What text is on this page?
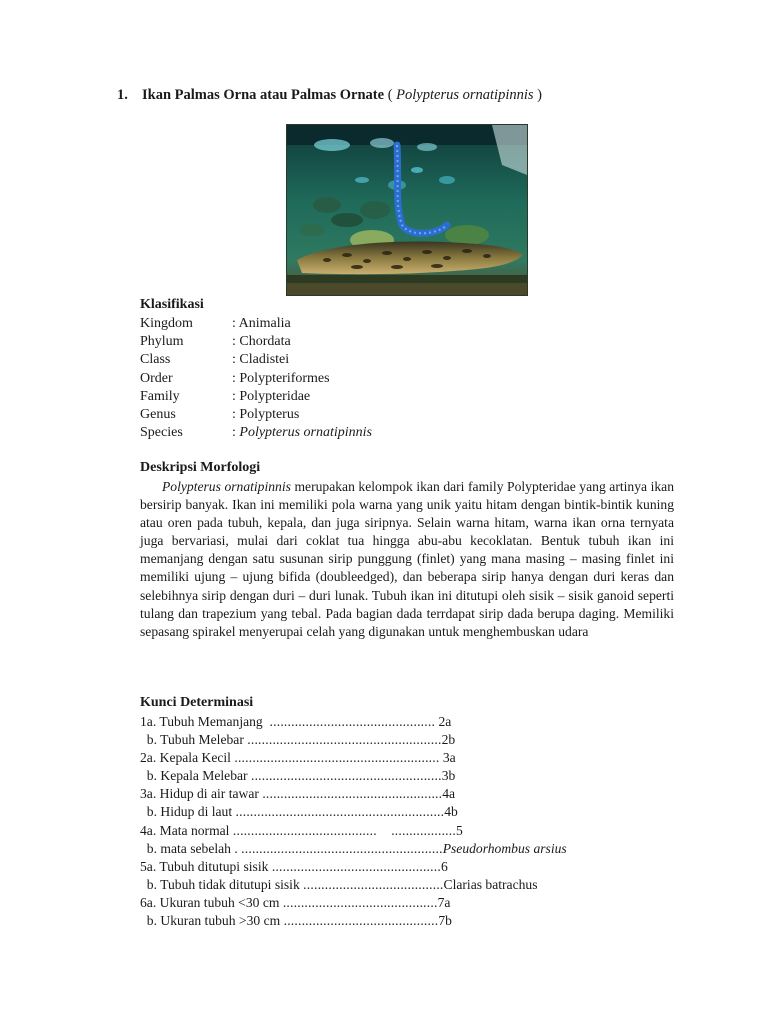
1. Ikan Palmas Orna atau Palmas Ornate ( Polypterus ornatipinnis )
Klasifikasi
Kingdom	: Animalia
Phylum	: Chordata
Class	: Cladistei
Order	: Polypteriformes
Family	: Polypteridae
Genus	: Polypterus
Species	: Polypterus ornatipinnis
Deskripsi Morfologi
Polypterus ornatipinnis merupakan kelompok ikan dari family Polypteridae yang artinya ikan bersirip banyak. Ikan ini memiliki pola warna yang unik yaitu hitam dengan bintik-bintik kuning atau oren pada tubuh, kepala, dan juga siripnya. Selain warna hitam, warna ikan orna ternyata juga bervariasi, mulai dari coklat tua hingga abu-abu kecoklatan. Bentuk tubuh ikan ini memanjang dengan satu susunan sirip punggung (finlet) yang mana masing – masing finlet ini memiliki ujung – ujung bifida (doubleedged), dan beberapa sirip hanya dengan duri keras dan selebihnya sirip dengan duri – duri lunak. Tubuh ikan ini ditutupi oleh sisik – sisik ganoid seperti tulang dan trapezium yang tebal. Pada bagian dada terrdapat sirip dada berupa daging. Memiliki sepasang spirakel menyerupai celah yang digunakan untuk menghembuskan udara
Kunci Determinasi
1a. Tubuh Memanjang  .............................................. 2a
b. Tubuh Melebar ......................................................2b
2a. Kepala Kecil ......................................................... 3a
b. Kepala Melebar .....................................................3b
3a. Hidup di air tawar ..................................................4a
b. Hidup di laut ..........................................................4b
4a. Mata normal ........................................    ..................5
b. mata sebelah . ........................................................Pseudorhombus arsius
5a. Tubuh ditutupi sisik ...............................................6
b. Tubuh tidak ditutupi sisik .......................................Clarias batrachus
6a. Ukuran tubuh <30 cm ...........................................7a
b. Ukuran tubuh >30 cm ...........................................7b
